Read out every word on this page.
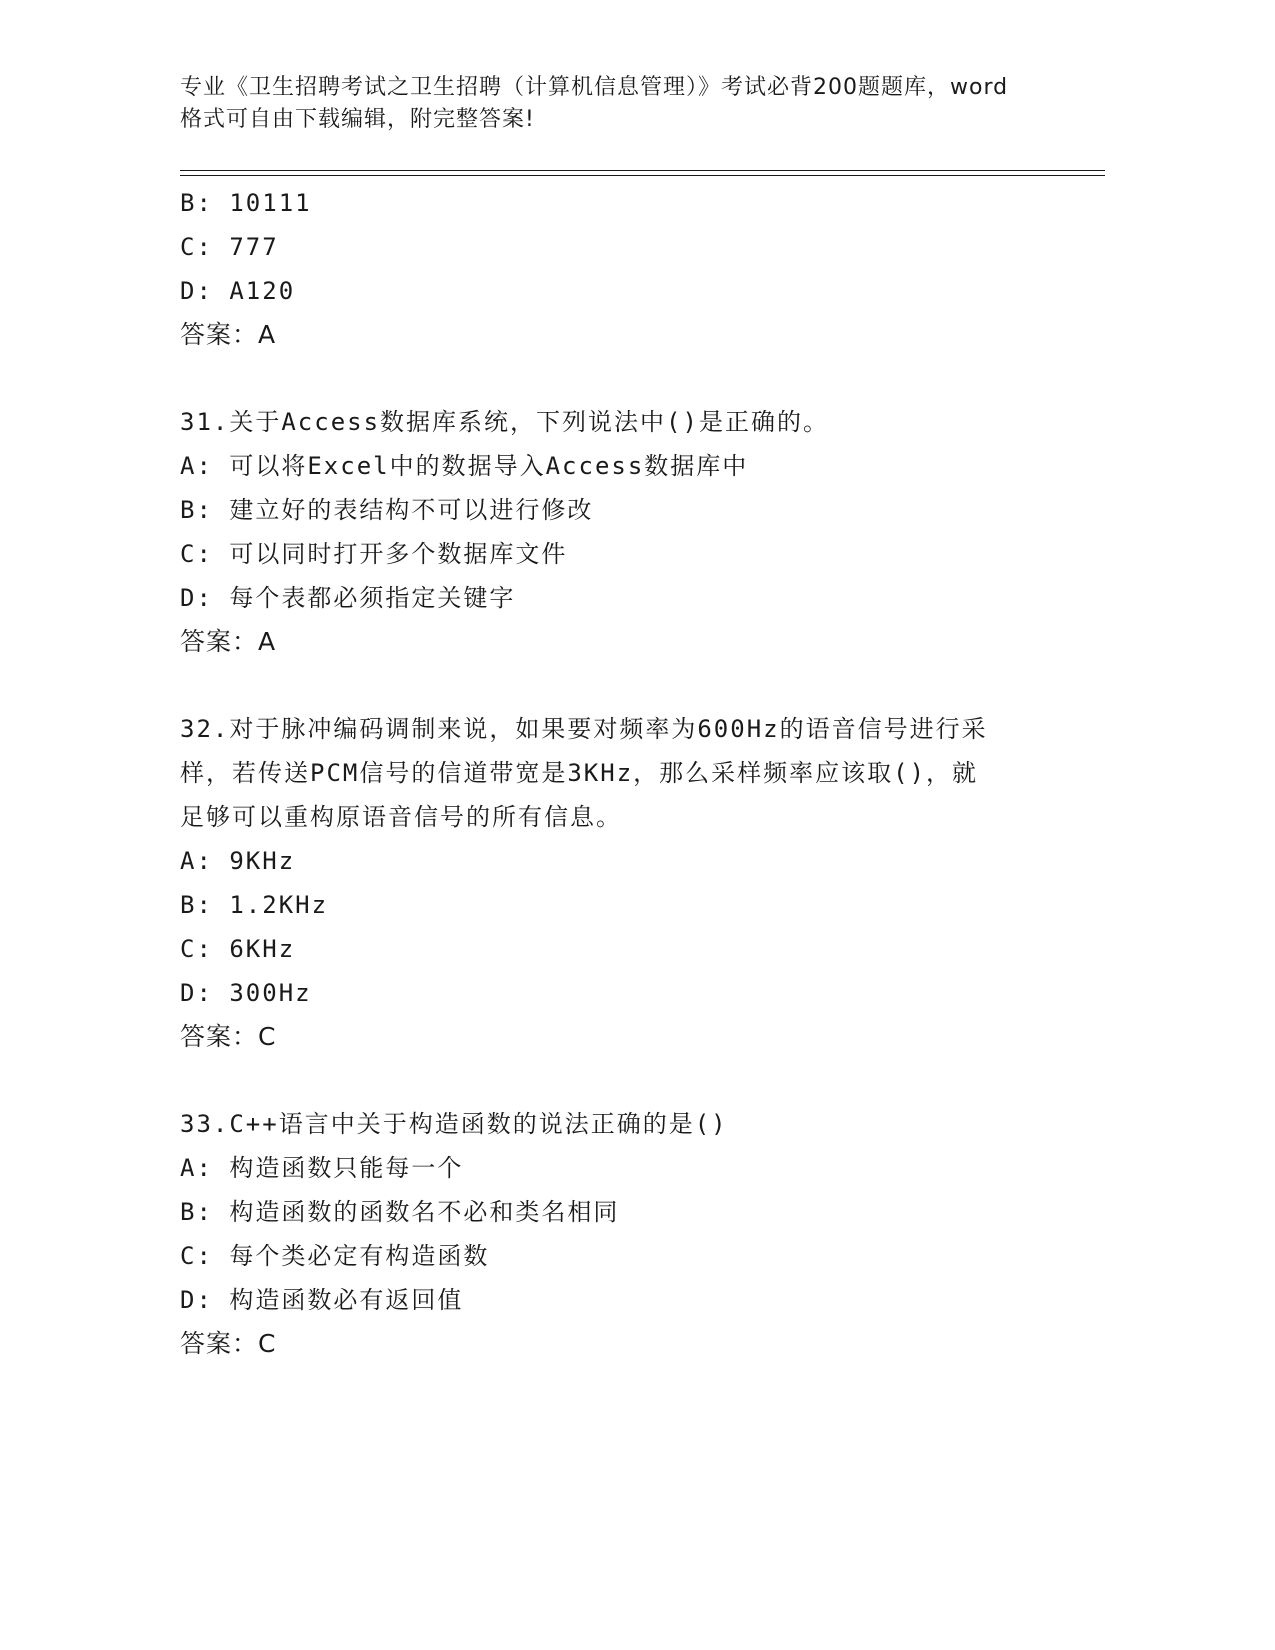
专业《卫生招聘考试之卫生招聘（计算机信息管理）》考试必背200题题库，word
格式可自由下载编辑，附完整答案!
B: 10111
C: 777
D: A120
答案：A
31.关于Access数据库系统，下列说法中()是正确的。
A: 可以将Excel中的数据导入Access数据库中
B: 建立好的表结构不可以进行修改
C: 可以同时打开多个数据库文件
D: 每个表都必须指定关键字
答案：A
32.对于脉冲编码调制来说，如果要对频率为600Hz的语音信号进行采
样，若传送PCM信号的信道带宽是3KHz，那么采样频率应该取()，就
足够可以重构原语音信号的所有信息。
A: 9KHz
B: 1.2KHz
C: 6KHz
D: 300Hz
答案：C
33.C++语言中关于构造函数的说法正确的是()
A: 构造函数只能每一个
B: 构造函数的函数名不必和类名相同
C: 每个类必定有构造函数
D: 构造函数必有返回值
答案：C
